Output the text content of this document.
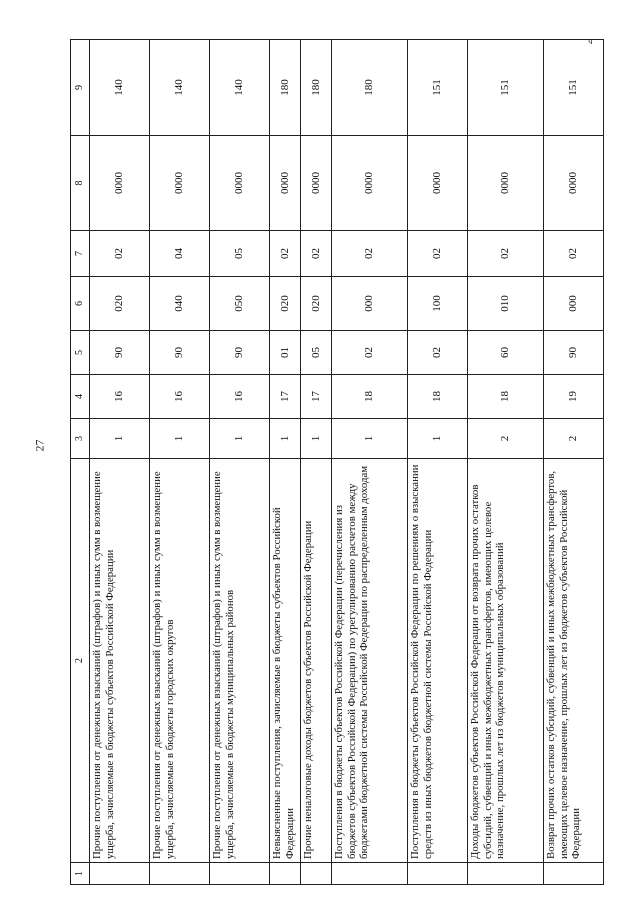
27
ч
1	2	3	4	5	6	7	8	9
	Прочие поступления от денежных взысканий (штрафов) и иных сумм в возмещение ущерба, зачисляемые в бюджеты субъектов Российской Федерации	1	16	90	020	02	0000	140
	Прочие поступления от денежных взысканий (штрафов) и иных сумм в возмещение ущерба, зачисляемые в бюджеты городских округов	1	16	90	040	04	0000	140
	Прочие поступления от денежных взысканий (штрафов) и иных сумм в возмещение ущерба, зачисляемые в бюджеты муниципальных районов	1	16	90	050	05	0000	140
	Невыясненные поступления, зачисляемые в бюджеты субъектов Российской Федерации	1	17	01	020	02	0000	180
	Прочие неналоговые доходы бюджетов субъектов Российской Федерации	1	17	05	020	02	0000	180
	Поступления в бюджеты субъектов Российской Федерации (перечисления из бюджетов субъектов Российской Федерации) по урегулированию расчетов между бюджетами бюджетной системы Российской Федерации по распределенным доходам	1	18	02	000	02	0000	180
	Поступления в бюджеты субъектов Российской Федерации по решениям о взыскании средств из иных бюджетов бюджетной системы Российской Федерации	1	18	02	100	02	0000	151
	Доходы бюджетов субъектов Российской Федерации от возврата прочих остатков субсидий, субвенций и иных межбюджетных трансфертов, имеющих целевое назначение, прошлых лет из бюджетов муниципальных образований	2	18	60	010	02	0000	151
	Возврат прочих остатков субсидий, субвенций и иных межбюджетных трансфертов, имеющих целевое назначение, прошлых лет из бюджетов субъектов Российской Федерации	2	19	90	000	02	0000	151
